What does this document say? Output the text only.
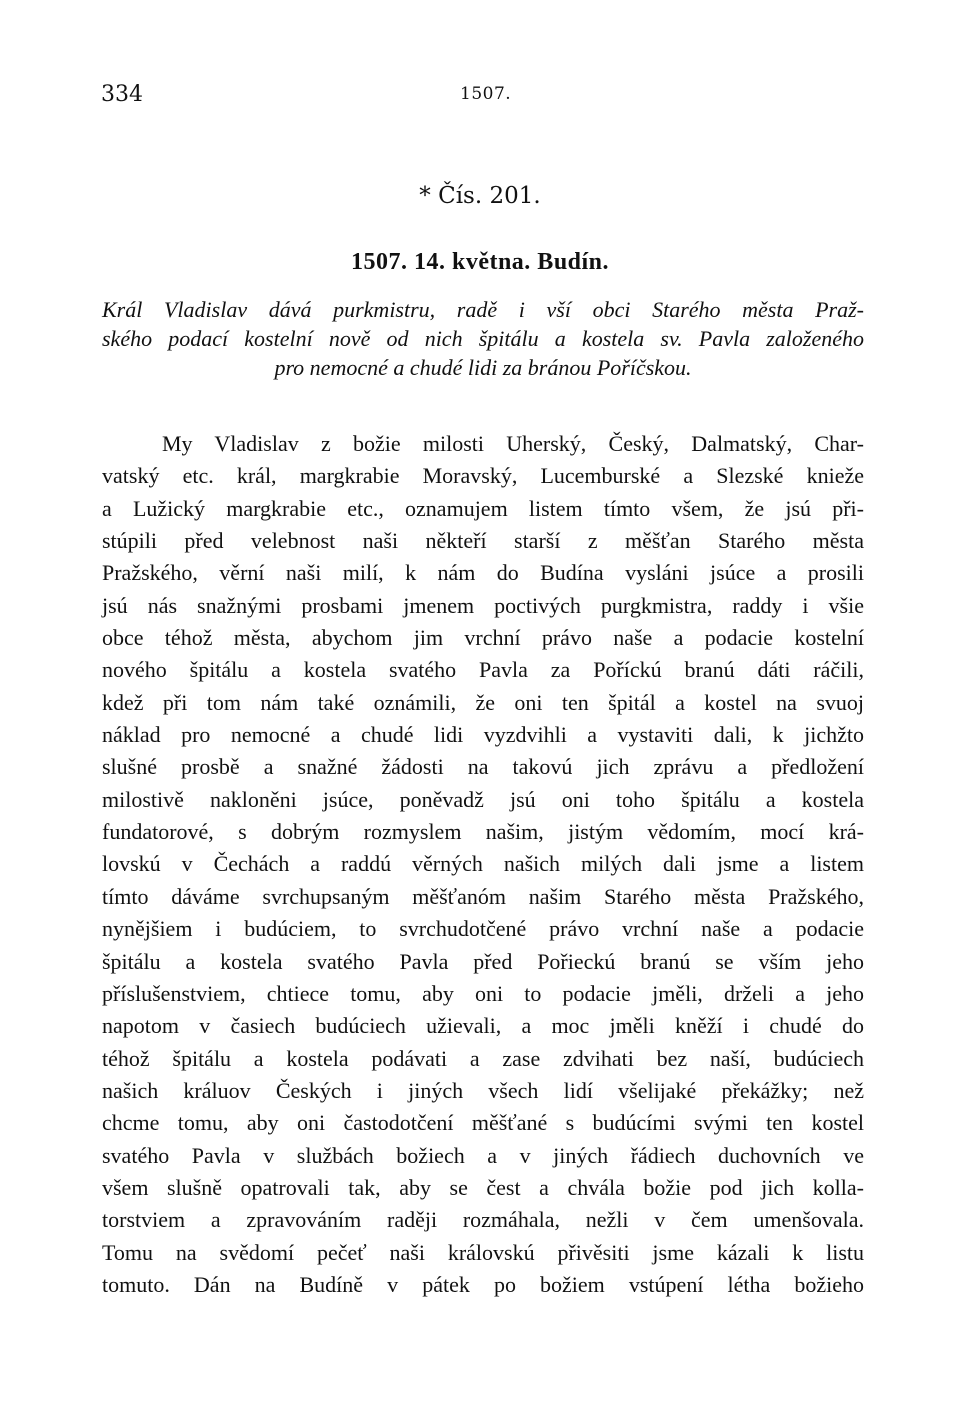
334	1507.
* Čís. 201.
1507. 14. května. Budín.
Král Vladislav dává purkmistru, radě i vší obci Starého města Praž-
ského podací kostelní nově od nich špitálu a kostela sv. Pavla založeného
pro nemocné a chudé lidi za bránou Poříčskou.
My Vladislav z božie milosti Uherský, Český, Dalmatský, Char-
vatský etc. král, margkrabie Moravský, Lucemburské a Slezské knieže
a Lužický margkrabie etc., oznamujem listem tímto všem, že jsú při-
stúpili před velebnost naši někteří starší z měšťan Starého města
Pražského, věrní naši milí, k nám do Budína vysláni jsúce a prosili
jsú nás snažnými prosbami jmenem poctivých purgkmistra, raddy i všie
obce téhož města, abychom jim vrchní právo naše a podacie kostelní
nového špitálu a kostela svatého Pavla za Poříckú branú dáti ráčili,
kdež při tom nám také oznámili, že oni ten špitál a kostel na svuoj
náklad pro nemocné a chudé lidi vyzdvihli a vystaviti dali, k jichžto
slušné prosbě a snažné žádosti na takovú jich zprávu a předložení
milostivě nakloněni jsúce, poněvadž jsú oni toho špitálu a kostela
fundatorové, s dobrým rozmyslem našim, jistým vědomím, mocí krá-
lovskú v Čechách a raddú věrných našich milých dali jsme a listem
tímto dáváme svrchupsaným měšťanóm našim Starého města Pražského,
nynějšiem i budúciem, to svrchudotčené právo vrchní naše a podacie
špitálu a kostela svatého Pavla před Pořieckú branú se vším jeho
příslušenstviem, chtiece tomu, aby oni to podacie jměli, drželi a jeho
napotom v časiech budúciech užievali, a moc jměli kněží i chudé do
téhož špitálu a kostela podávati a zase zdvihati bez naší, budúciech
našich králuov Českých i jiných všech lidí všelijaké překážky; než
chcme tomu, aby oni častodotčení měšťané s budúcími svými ten kostel
svatého Pavla v službách božiech a v jiných řádiech duchovních ve
všem slušně opatrovali tak, aby se čest a chvála božie pod jich kolla-
torstviem a zpravováním raději rozmáhala, nežli v čem umenšovala.
Tomu na svědomí pečeť naši královskú přivěsiti jsme kázali k listu
tomuto. Dán na Budíně v pátek po božiem vstúpení létha božieho
